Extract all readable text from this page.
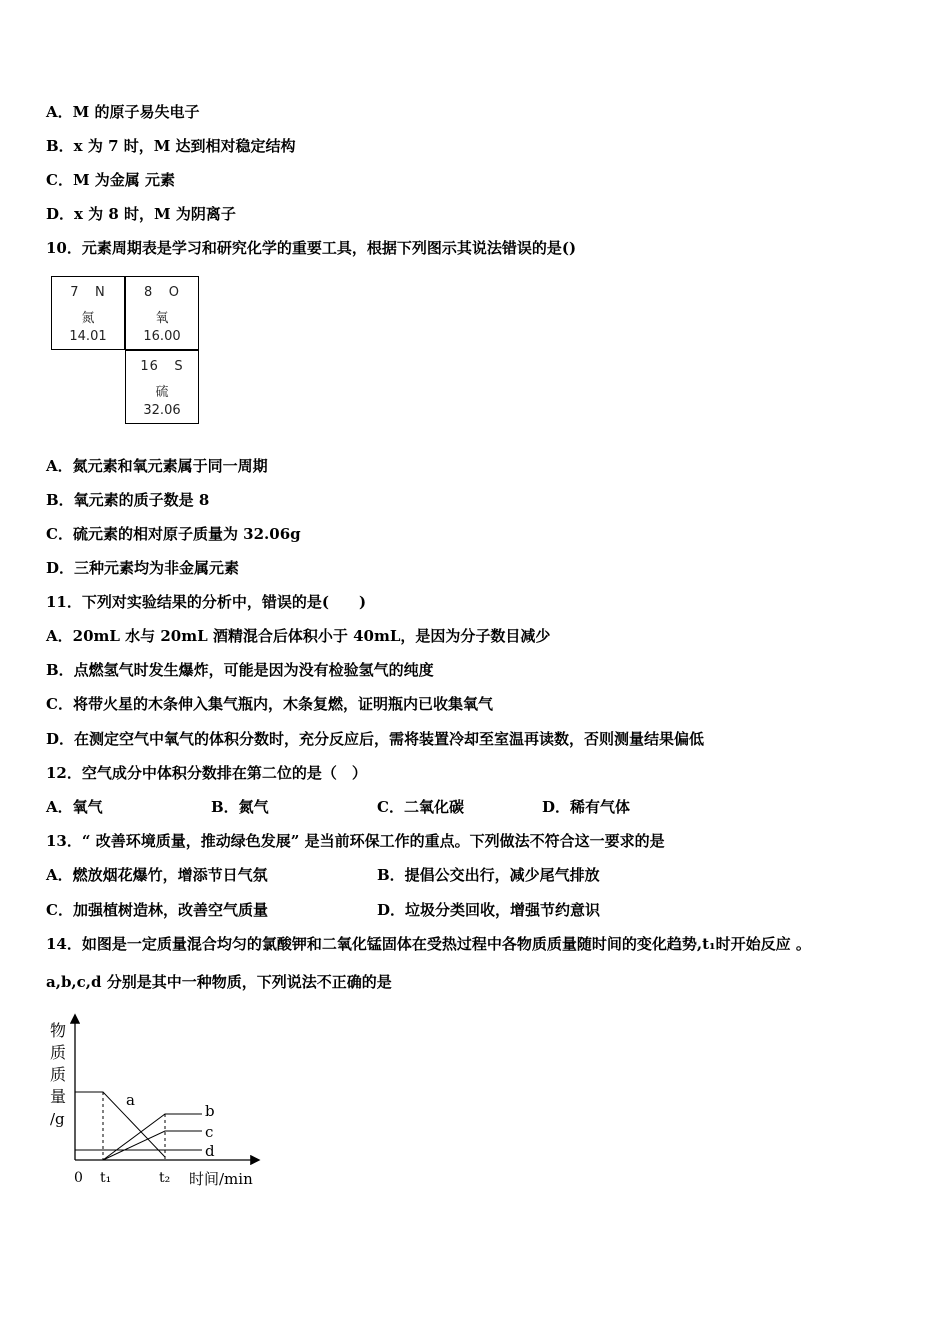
A．M 的原子易失电子
B．x 为 7 时，M 达到相对稳定结构
C．M 为金属 元素
D．x 为 8 时，M 为阴离子
10．元素周期表是学习和研究化学的重要工具，根据下列图示其说法错误的是()
7 N
氮
14.01
8 O
氧
16.00
16 S
硫
32.06
A．氮元素和氧元素属于同一周期
B．氧元素的质子数是 8
C．硫元素的相对原子质量为 32.06g
D．三种元素均为非金属元素
11．下列对实验结果的分析中，错误的是(　　)
A．20mL 水与 20mL 酒精混合后体积小于 40mL，是因为分子数目减少
B．点燃氢气时发生爆炸，可能是因为没有检验氢气的纯度
C．将带火星的木条伸入集气瓶内，木条复燃，证明瓶内已收集氧气
D．在测定空气中氧气的体积分数时，充分反应后，需将装置冷却至室温再读数，否则测量结果偏低
12．空气成分中体积分数排在第二位的是（　）
A．氧气	B．氮气	C．二氧化碳	D．稀有气体
13．“ 改善环境质量，推动绿色发展” 是当前环保工作的重点。下列做法不符合这一要求的是
A．燃放烟花爆竹，增添节日气氛	B．提倡公交出行，减少尾气排放
C．加强植树造林，改善空气质量	D．垃圾分类回收，增强节约意识
14．如图是一定质量混合均匀的氯酸钾和二氧化锰固体在受热过程中各物质质量随时间的变化趋势,t₁时开始反应 。
a,b,c,d 分别是其中一种物质，下列说法不正确的是
物
质
质
量
/g
a
b
c
d
0 t₁	t₂ 时间/min
